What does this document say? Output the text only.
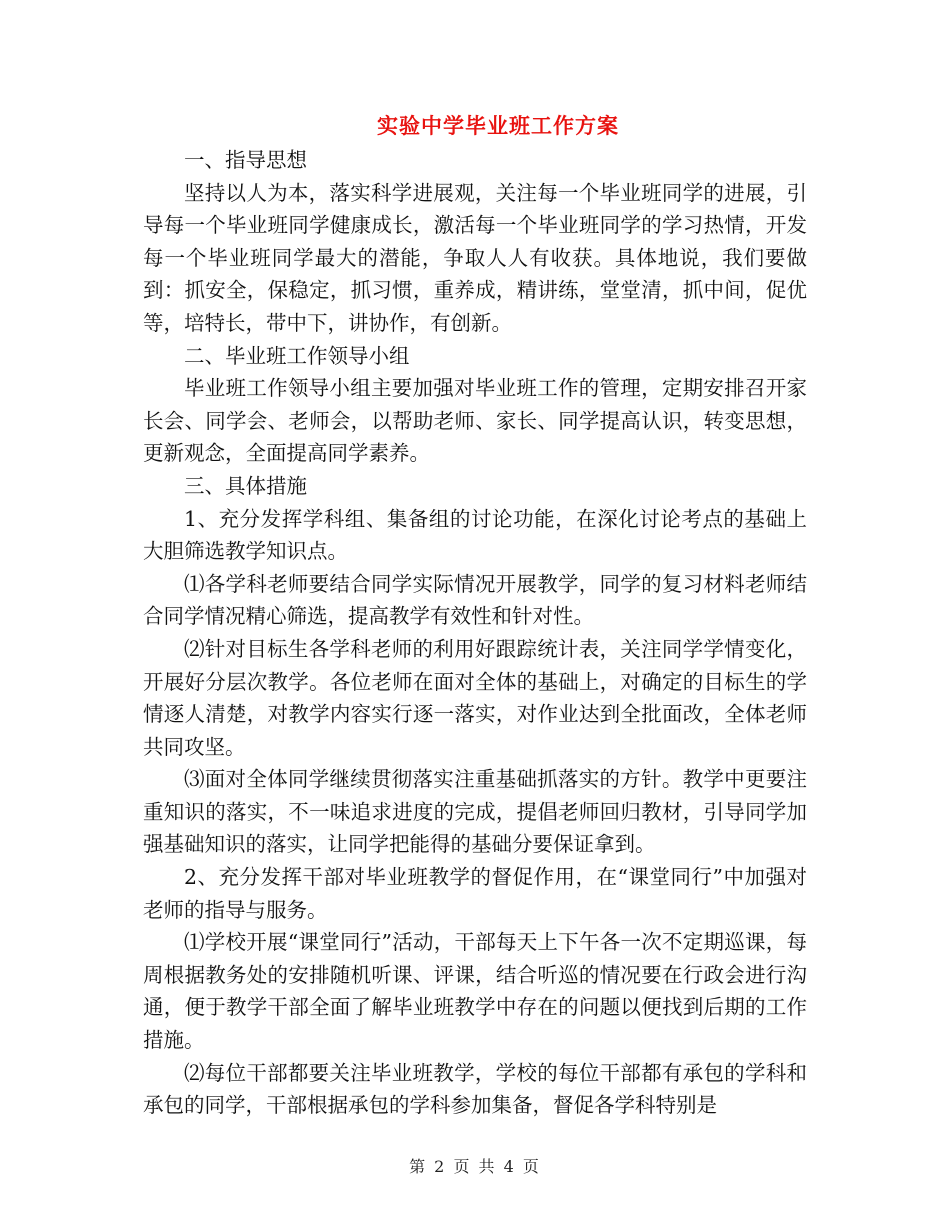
实验中学毕业班工作方案

一、指导思想

坚持以人为本，落实科学进展观，关注每一个毕业班同学的进展，引导每一个毕业班同学健康成长，激活每一个毕业班同学的学习热情，开发每一个毕业班同学最大的潜能，争取人人有收获。具体地说，我们要做到：抓安全，保稳定，抓习惯，重养成，精讲练，堂堂清，抓中间，促优等，培特长，带中下，讲协作，有创新。

二、毕业班工作领导小组

毕业班工作领导小组主要加强对毕业班工作的管理，定期安排召开家长会、同学会、老师会，以帮助老师、家长、同学提高认识，转变思想，更新观念，全面提高同学素养。

三、具体措施

1、充分发挥学科组、集备组的讨论功能，在深化讨论考点的基础上大胆筛选教学知识点。

⑴各学科老师要结合同学实际情况开展教学，同学的复习材料老师结合同学情况精心筛选，提高教学有效性和针对性。

⑵针对目标生各学科老师的利用好跟踪统计表，关注同学学情变化，开展好分层次教学。各位老师在面对全体的基础上，对确定的目标生的学情逐人清楚，对教学内容实行逐一落实，对作业达到全批面改，全体老师共同攻坚。

⑶面对全体同学继续贯彻落实注重基础抓落实的方针。教学中更要注重知识的落实，不一味追求进度的完成，提倡老师回归教材，引导同学加强基础知识的落实，让同学把能得的基础分要保证拿到。

2、充分发挥干部对毕业班教学的督促作用，在“课堂同行”中加强对老师的指导与服务。

⑴学校开展“课堂同行”活动，干部每天上下午各一次不定期巡课，每周根据教务处的安排随机听课、评课，结合听巡的情况要在行政会进行沟通，便于教学干部全面了解毕业班教学中存在的问题以便找到后期的工作措施。

⑵每位干部都要关注毕业班教学，学校的每位干部都有承包的学科和承包的同学，干部根据承包的学科参加集备，督促各学科特别是

第 2 页 共 4 页
